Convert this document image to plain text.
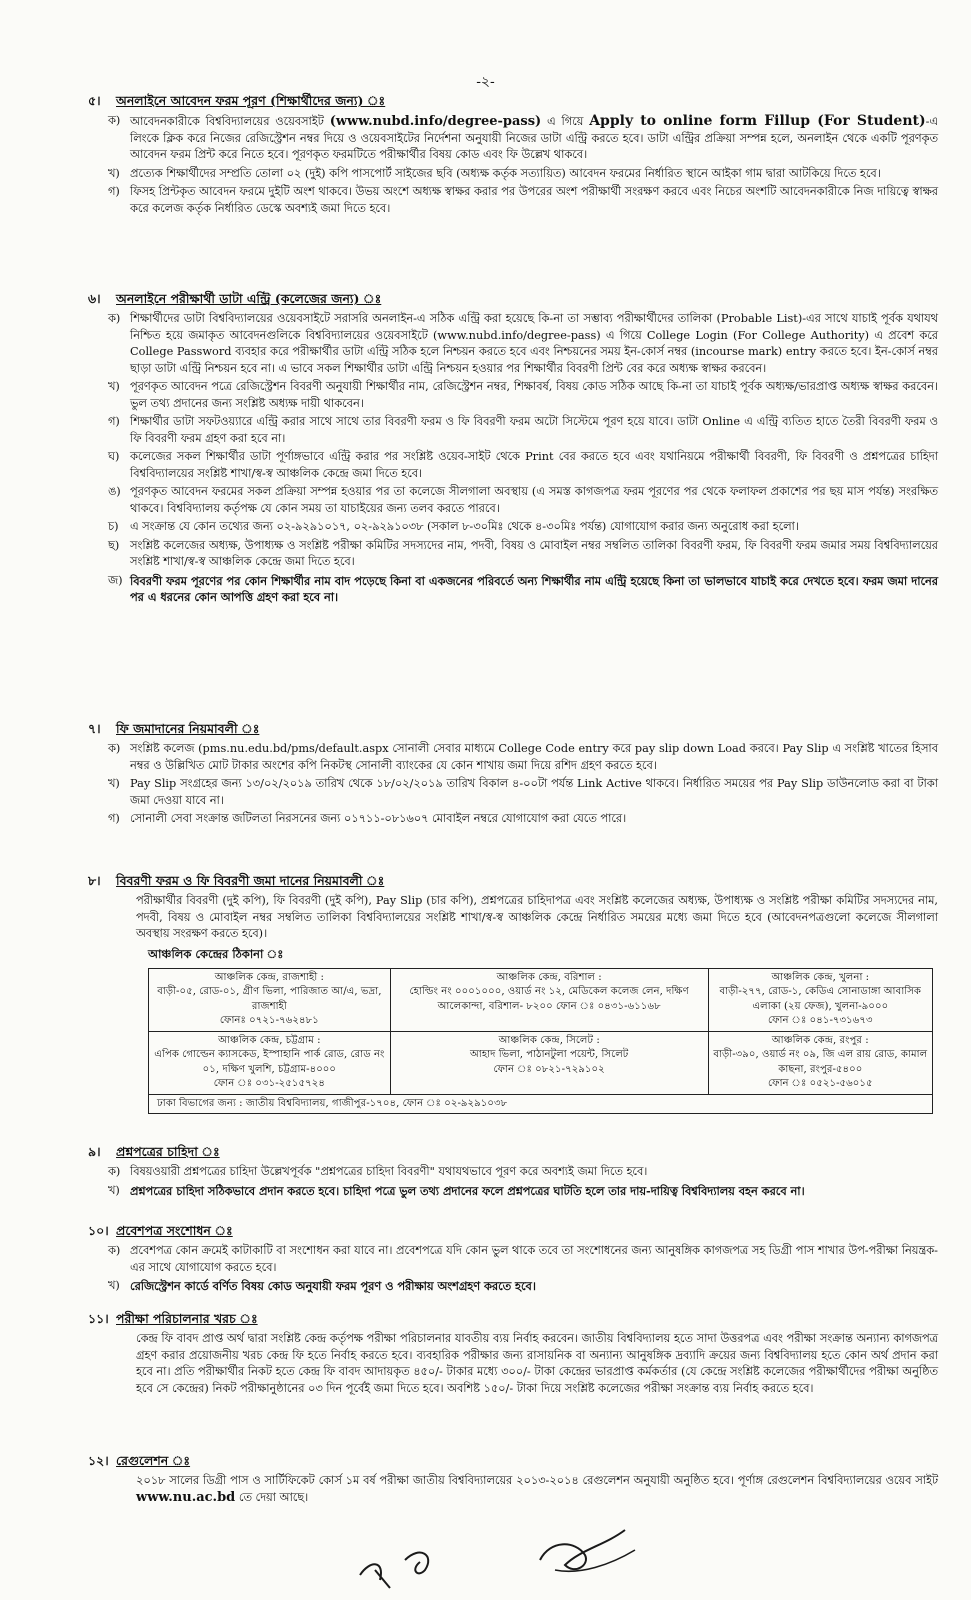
-২-
৫। অনলাইনে আবেদন ফরম পূরণ (শিক্ষার্থীদের জন্য) ঃ
ক) আবেদনকারীকে বিশ্ববিদ্যালয়ের ওয়েবসাইট (www.nubd.info/degree-pass) এ গিয়ে Apply to online form Fillup (For Student)-এ লিংকে ক্লিক করে নিজের রেজিস্ট্রেশন নম্বর দিয়ে ও ওয়েবসাইটের নির্দেশনা অনুযায়ী নিজের ডাটা এন্ট্রি করতে হবে। ডাটা এন্ট্রির প্রক্রিয়া সম্পন্ন হলে, অনলাইন থেকে একটি পূরণকৃত আবেদন ফরম প্রিন্ট করে নিতে হবে। পূরণকৃত ফরমটিতে পরীক্ষার্থীর বিষয় কোড এবং ফি উল্লেখ থাকবে।
খ) প্রত্যেক শিক্ষার্থীদের সম্প্রতি তোলা ০২ (দুই) কপি পাসপোর্ট সাইজের ছবি (অধ্যক্ষ কর্তৃক সত্যায়িত) আবেদন ফরমের নির্ধারিত স্থানে আইকা গাম দ্বারা আটকিয়ে দিতে হবে।
গ) ফিসহ প্রিন্টকৃত আবেদন ফরমে দুইটি অংশ থাকবে। উভয় অংশে অধ্যক্ষ স্বাক্ষর করার পর উপরের অংশ পরীক্ষার্থী সংরক্ষণ করবে এবং নিচের অংশটি আবেদনকারীকে নিজ দায়িত্বে স্বাক্ষর করে কলেজ কর্তৃক নির্ধারিত ডেস্কে অবশ্যই জমা দিতে হবে।
৬। অনলাইনে পরীক্ষার্থী ডাটা এন্ট্রি (কলেজের জন্য) ঃ
ক) শিক্ষার্থীদের ডাটা বিশ্ববিদ্যালয়ের ওয়েবসাইটে সরাসরি অনলাইন-এ সঠিক এন্ট্রি করা হয়েছে কি-না তা সম্ভাব্য পরীক্ষার্থীদের তালিকা (Probable List)-এর সাথে যাচাই পূর্বক যথাযথ নিশ্চিত হয়ে জমাকৃত আবেদনগুলিকে বিশ্ববিদ্যালয়ের ওয়েবসাইটে (www.nubd.info/degree-pass) এ গিয়ে College Login (For College Authority) এ প্রবেশ করে College Password ব্যবহার করে পরীক্ষার্থীর ডাটা এন্ট্রি সঠিক হলে নিশ্চয়ন করতে হবে এবং নিশ্চয়নের সময় ইন-কোর্স নম্বর (incourse mark) entry করতে হবে। ইন-কোর্স নম্বর ছাড়া ডাটা এন্ট্রি নিশ্চয়ন হবে না। এ ভাবে সকল শিক্ষার্থীর ডাটা এন্ট্রি নিশ্চয়ন হওয়ার পর শিক্ষার্থীর বিবরণী প্রিন্ট বের করে অধ্যক্ষ স্বাক্ষর করবেন।
খ) পূরণকৃত আবেদন পত্রে রেজিস্ট্রেশন বিবরণী অনুযায়ী শিক্ষার্থীর নাম, রেজিস্ট্রেশন নম্বর, শিক্ষাবর্ষ, বিষয় কোড সঠিক আছে কি-না তা যাচাই পূর্বক অধ্যক্ষ/ভারপ্রাপ্ত অধ্যক্ষ স্বাক্ষর করবেন। ভুল তথ্য প্রদানের জন্য সংশ্লিষ্ট অধ্যক্ষ দায়ী থাকবেন।
গ) শিক্ষার্থীর ডাটা সফটওয়্যারে এন্ট্রি করার সাথে সাথে তার বিবরণী ফরম ও ফি বিবরণী ফরম অটো সিস্টেমে পূরণ হয়ে যাবে। ডাটা Online এ এন্ট্রি ব্যতিত হাতে তৈরী বিবরণী ফরম ও ফি বিবরণী ফরম গ্রহণ করা হবে না।
ঘ) কলেজের সকল শিক্ষার্থীর ডাটা পূর্ণাঙ্গভাবে এন্ট্রি করার পর সংশ্লিষ্ট ওয়েব-সাইট থেকে Print বের করতে হবে এবং যথানিয়মে পরীক্ষার্থী বিবরণী, ফি বিবরণী ও প্রশ্নপত্রের চাহিদা বিশ্ববিদ্যালয়ের সংশ্লিষ্ট শাখা/স্ব-স্ব আঞ্চলিক কেন্দ্রে জমা দিতে হবে।
ঙ) পূরণকৃত আবেদন ফরমের সকল প্রক্রিয়া সম্পন্ন হওয়ার পর তা কলেজে সীলগালা অবস্থায় (এ সমস্ত কাগজপত্র ফরম পূরণের পর থেকে ফলাফল প্রকাশের পর ছয় মাস পর্যন্ত) সংরক্ষিত থাকবে। বিশ্ববিদ্যালয় কর্তৃপক্ষ যে কোন সময় তা যাচাইয়ের জন্য তলব করতে পারবে।
চ)	এ সংক্রান্ত যে কোন তথ্যের জন্য ০২-৯২৯১০১৭, ০২-৯২৯১০৩৮ (সকাল ৮-৩০মিঃ থেকে ৪-৩০মিঃ পর্যন্ত) যোগাযোগ করার জন্য অনুরোধ করা হলো।
ছ) সংশ্লিষ্ট কলেজের অধ্যক্ষ, উপাধ্যক্ষ ও সংশ্লিষ্ট পরীক্ষা কমিটির সদস্যদের নাম, পদবী, বিষয় ও মোবাইল নম্বর সম্বলিত তালিকা বিবরণী ফরম, ফি বিবরণী ফরম জমার সময় বিশ্ববিদ্যালয়ের সংশ্লিষ্ট শাখা/স্ব-স্ব আঞ্চলিক কেন্দ্রে জমা দিতে হবে।
জ) বিবরণী ফরম পূরণের পর কোন শিক্ষার্থীর নাম বাদ পড়েছে কিনা বা একজনের পরিবর্তে অন্য শিক্ষার্থীর নাম এন্ট্রি হয়েছে কিনা তা ভালভাবে যাচাই করে দেখতে হবে। ফরম জমা দানের পর এ ধরনের কোন আপত্তি গ্রহণ করা হবে না।
৭। ফি জমাদানের নিয়মাবলী ঃ
ক) সংশ্লিষ্ট কলেজ (pms.nu.edu.bd/pms/default.aspx সোনালী সেবার মাধ্যমে College Code entry করে pay slip down Load করবে। Pay Slip এ সংশ্লিষ্ট খাতের হিসাব নম্বর ও উল্লিখিত মোট টাকার অংশের কপি নিকটস্থ সোনালী ব্যাংকের যে কোন শাখায় জমা দিয়ে রশিদ গ্রহণ করতে হবে।
খ) Pay Slip সংগ্রহের জন্য ১৩/০২/২০১৯ তারিখ থেকে ১৮/০২/২০১৯ তারিখ বিকাল ৪-০০টা পর্যন্ত Link Active থাকবে। নির্ধারিত সময়ের পর Pay Slip ডাউনলোড করা বা টাকা জমা দেওয়া যাবে না।
গ) সোনালী সেবা সংক্রান্ত জটিলতা নিরসনের জন্য ০১৭১১-০৮১৬০৭ মোবাইল নম্বরে যোগাযোগ করা যেতে পারে।
৮। বিবরণী ফরম ও ফি বিবরণী জমা দানের নিয়মাবলী ঃ
পরীক্ষার্থীর বিবরণী (দুই কপি), ফি বিবরণী (দুই কপি), Pay Slip (চার কপি), প্রশ্নপত্রের চাহিদাপত্র এবং সংশ্লিষ্ট কলেজের অধ্যক্ষ, উপাধ্যক্ষ ও সংশ্লিষ্ট পরীক্ষা কমিটির সদস্যদের নাম, পদবী, বিষয় ও মোবাইল নম্বর সম্বলিত তালিকা বিশ্ববিদ্যালয়ের সংশ্লিষ্ট শাখা/স্ব-স্ব আঞ্চলিক কেন্দ্রে নির্ধারিত সময়ের মধ্যে জমা দিতে হবে (আবেদনপত্রগুলো কলেজে সীলগালা অবস্থায় সংরক্ষণ করতে হবে)।
আঞ্চলিক কেন্দ্রের ঠিকানা ঃ
আঞ্চলিক কেন্দ্র, রাজশাহী :
বাড়ী-০৫, রোড-০১, গ্রীণ ভিলা, পারিজাত আ/এ, ভদ্রা, রাজশাহী
ফোনঃ ০৭২১-৭৬২৪৮১	আঞ্চলিক কেন্দ্র, বরিশাল :
হোল্ডিং নং ০০০১০০০, ওয়ার্ড নং ১২, মেডিকেল কলেজ লেন, দক্ষিণ আলেকান্দা, বরিশাল- ৮২০০ ফোন ঃ ০৪৩১-৬১১৬৮	আঞ্চলিক কেন্দ্র, খুলনা :
বাড়ী-২৭৭, রোড-১, কেডিএ সোনাডাঙ্গা আবাসিক এলাকা (২য় ফেজ), খুলনা-৯০০০
ফোন ঃ ০৪১-৭৩১৬৭৩
আঞ্চলিক কেন্দ্র, চট্টগ্রাম :
এপিক গোল্ডেন ক্যাসকেড, ইস্পাহানি পার্ক রোড, রোড নং ০১, দক্ষিণ খুলশি, চট্টগ্রাম-৪০০০
ফোন ঃ ০৩১-২৫১৫৭২৪	আঞ্চলিক কেন্দ্র, সিলেট :
আহাদ ভিলা, পাঠানটুলা পয়েন্ট, সিলেট
ফোন ঃ ০৮২১-৭২৯১০২	আঞ্চলিক কেন্দ্র, রংপুর :
বাড়ী-৩৯০, ওয়ার্ড নং ০৯, জি এল রায় রোড, কামাল কাছনা, রংপুর-৫৪০০
ফোন ঃ ০৫২১-৫৬০১৫
ঢাকা বিভাগের জন্য : জাতীয় বিশ্ববিদ্যালয়, গাজীপুর-১৭০৪, ফোন ঃ ০২-৯২৯১০৩৮		
৯। প্রশ্নপত্রের চাহিদা ঃ
ক) বিষয়ওয়ারী প্রশ্নপত্রের চাহিদা উল্লেখপূর্বক "প্রশ্নপত্রের চাহিদা বিবরণী" যথাযথভাবে পূরণ করে অবশ্যই জমা দিতে হবে।
খ) প্রশ্নপত্রের চাহিদা সঠিকভাবে প্রদান করতে হবে। চাহিদা পত্রে ভুল তথ্য প্রদানের ফলে প্রশ্নপত্রের ঘাটতি হলে তার দায়-দায়িত্ব বিশ্ববিদ্যালয় বহন করবে না।
১০। প্রবেশপত্র সংশোধন ঃ
ক) প্রবেশপত্র কোন ক্রমেই কাটাকাটি বা সংশোধন করা যাবে না। প্রবেশপত্রে যদি কোন ভুল থাকে তবে তা সংশোধনের জন্য আনুষঙ্গিক কাগজপত্র সহ ডিগ্রী পাস শাখার উপ-পরীক্ষা নিয়ন্ত্রক-এর সাথে যোগাযোগ করতে হবে।
খ) রেজিস্ট্রেশন কার্ডে বর্ণিত বিষয় কোড অনুযায়ী ফরম পূরণ ও পরীক্ষায় অংশগ্রহণ করতে হবে।
১১। পরীক্ষা পরিচালনার খরচ ঃ
কেন্দ্র ফি বাবদ প্রাপ্ত অর্থ দ্বারা সংশ্লিষ্ট কেন্দ্র কর্তৃপক্ষ পরীক্ষা পরিচালনার যাবতীয় ব্যয় নির্বাহ করবেন। জাতীয় বিশ্ববিদ্যালয় হতে সাদা উত্তরপত্র এবং পরীক্ষা সংক্রান্ত অন্যান্য কাগজপত্র গ্রহণ করার প্রয়োজনীয় খরচ কেন্দ্র ফি হতে নির্বাহ করতে হবে। ব্যবহারিক পরীক্ষার জন্য রাসায়নিক বা অন্যান্য আনুষঙ্গিক দ্রব্যাদি ক্রয়ের জন্য বিশ্ববিদ্যালয় হতে কোন অর্থ প্রদান করা হবে না। প্রতি পরীক্ষার্থীর নিকট হতে কেন্দ্র ফি বাবদ আদায়কৃত ৪৫০/- টাকার মধ্যে ৩০০/- টাকা কেন্দ্রের ভারপ্রাপ্ত কর্মকর্তার (যে কেন্দ্রে সংশ্লিষ্ট কলেজের পরীক্ষার্থীদের পরীক্ষা অনুষ্ঠিত হবে সে কেন্দ্রের) নিকট পরীক্ষানুষ্ঠানের ০৩ দিন পূর্বেই জমা দিতে হবে। অবশিষ্ট ১৫০/- টাকা দিয়ে সংশ্লিষ্ট কলেজের পরীক্ষা সংক্রান্ত ব্যয় নির্বাহ করতে হবে।
১২। রেগুলেশন ঃ
২০১৮ সালের ডিগ্রী পাস ও সার্টিফিকেট কোর্স ১ম বর্ষ পরীক্ষা জাতীয় বিশ্ববিদ্যালয়ের ২০১৩-২০১৪ রেগুলেশন অনুযায়ী অনুষ্ঠিত হবে। পূর্ণাঙ্গ রেগুলেশন বিশ্ববিদ্যালয়ের ওয়েব সাইট www.nu.ac.bd তে দেয়া আছে।
